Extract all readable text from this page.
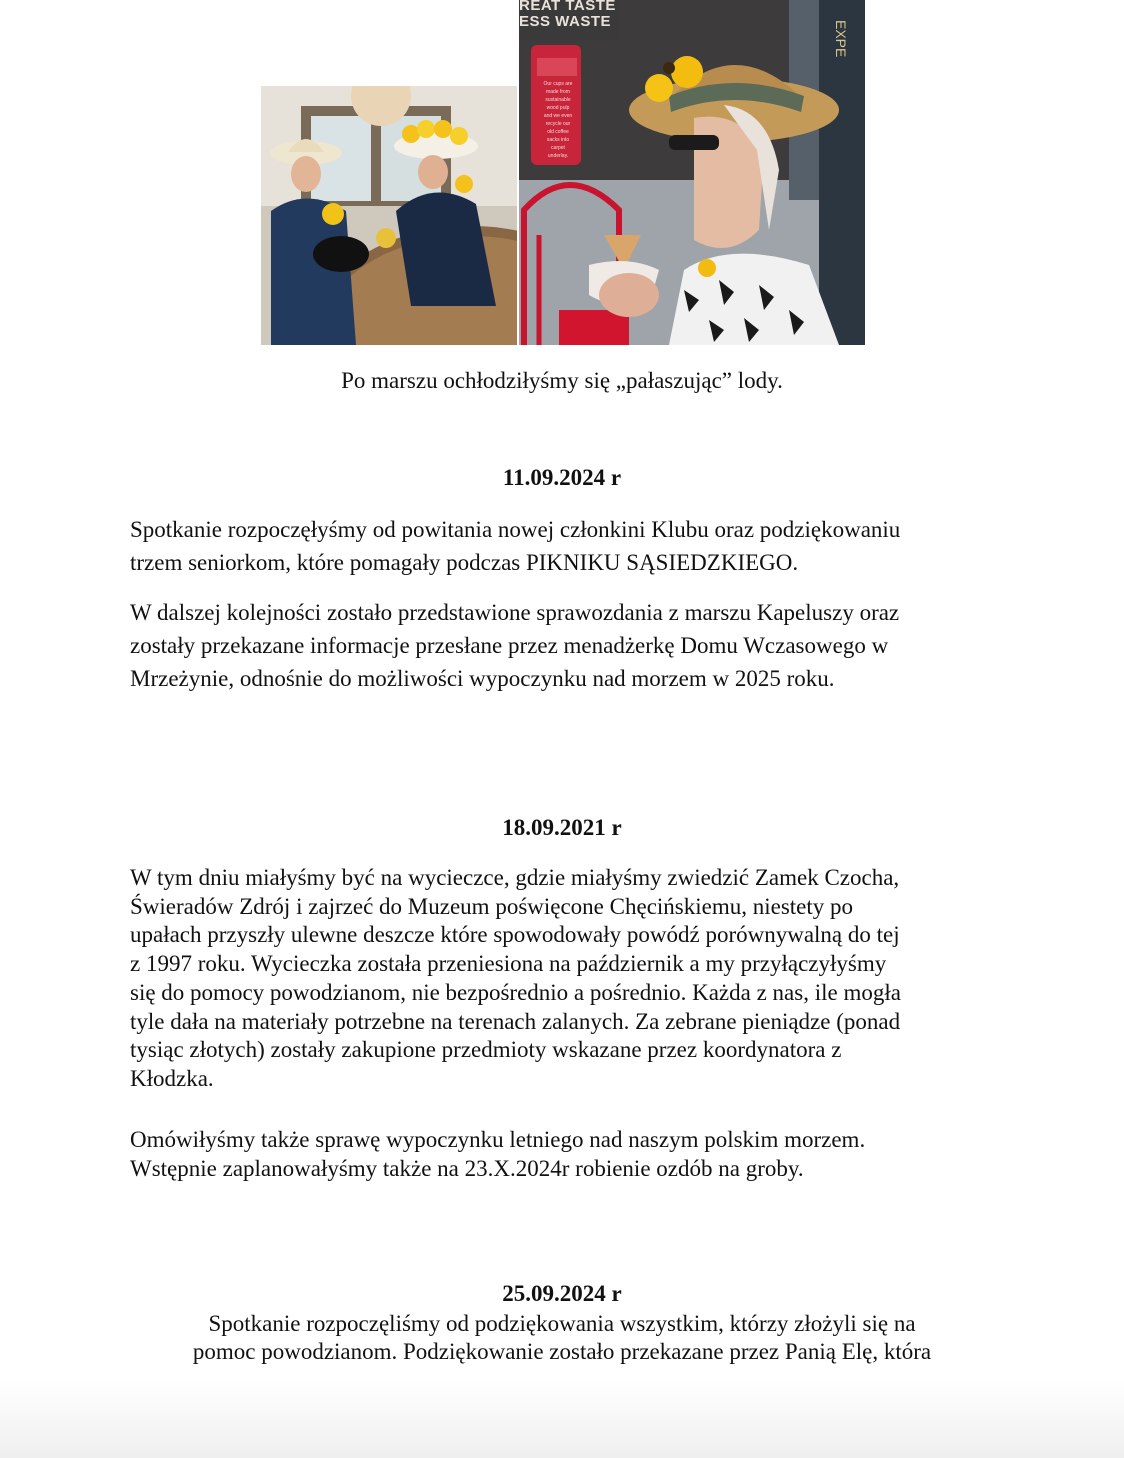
REAT TASTE
ESS WASTE
Our cups are
made from
sustainable
wood pulp
and we even
recycle our
old coffee
sacks into
carpet
underlay.
EXPE
Po marszu ochłodziłyśmy się „pałaszując” lody.
11.09.2024 r

Spotkanie rozpoczęłyśmy od powitania nowej członkini Klubu oraz podziękowaniu
trzem seniorkom, które pomagały podczas PIKNIKU SĄSIEDZKIEGO.

W dalszej kolejności zostało przedstawione sprawozdania z marszu Kapeluszy oraz
zostały przekazane informacje przesłane przez menadżerkę Domu Wczasowego w
Mrzeżynie, odnośnie do możliwości wypoczynku nad morzem w 2025 roku.

18.09.2021 r

W tym dniu miałyśmy być na wycieczce, gdzie miałyśmy zwiedzić Zamek Czocha,
Świeradów Zdrój i zajrzeć do Muzeum poświęcone Chęcińskiemu, niestety po
upałach przyszły ulewne deszcze które spowodowały powódź porównywalną do tej
z 1997 roku. Wycieczka została przeniesiona na październik a my przyłączyłyśmy
się do pomocy powodzianom, nie bezpośrednio a pośrednio. Każda z nas, ile mogła
tyle dała na materiały potrzebne na terenach zalanych. Za zebrane pieniądze (ponad
tysiąc złotych) zostały zakupione przedmioty wskazane przez koordynatora z
Kłodzka.

Omówiłyśmy także sprawę wypoczynku letniego nad naszym polskim morzem.
Wstępnie zaplanowałyśmy także na 23.X.2024r robienie ozdób na groby.

25.09.2024 r

Spotkanie rozpoczęliśmy od podziękowania wszystkim, którzy złożyli się na
pomoc powodzianom. Podziękowanie zostało przekazane przez Panią Elę, która
